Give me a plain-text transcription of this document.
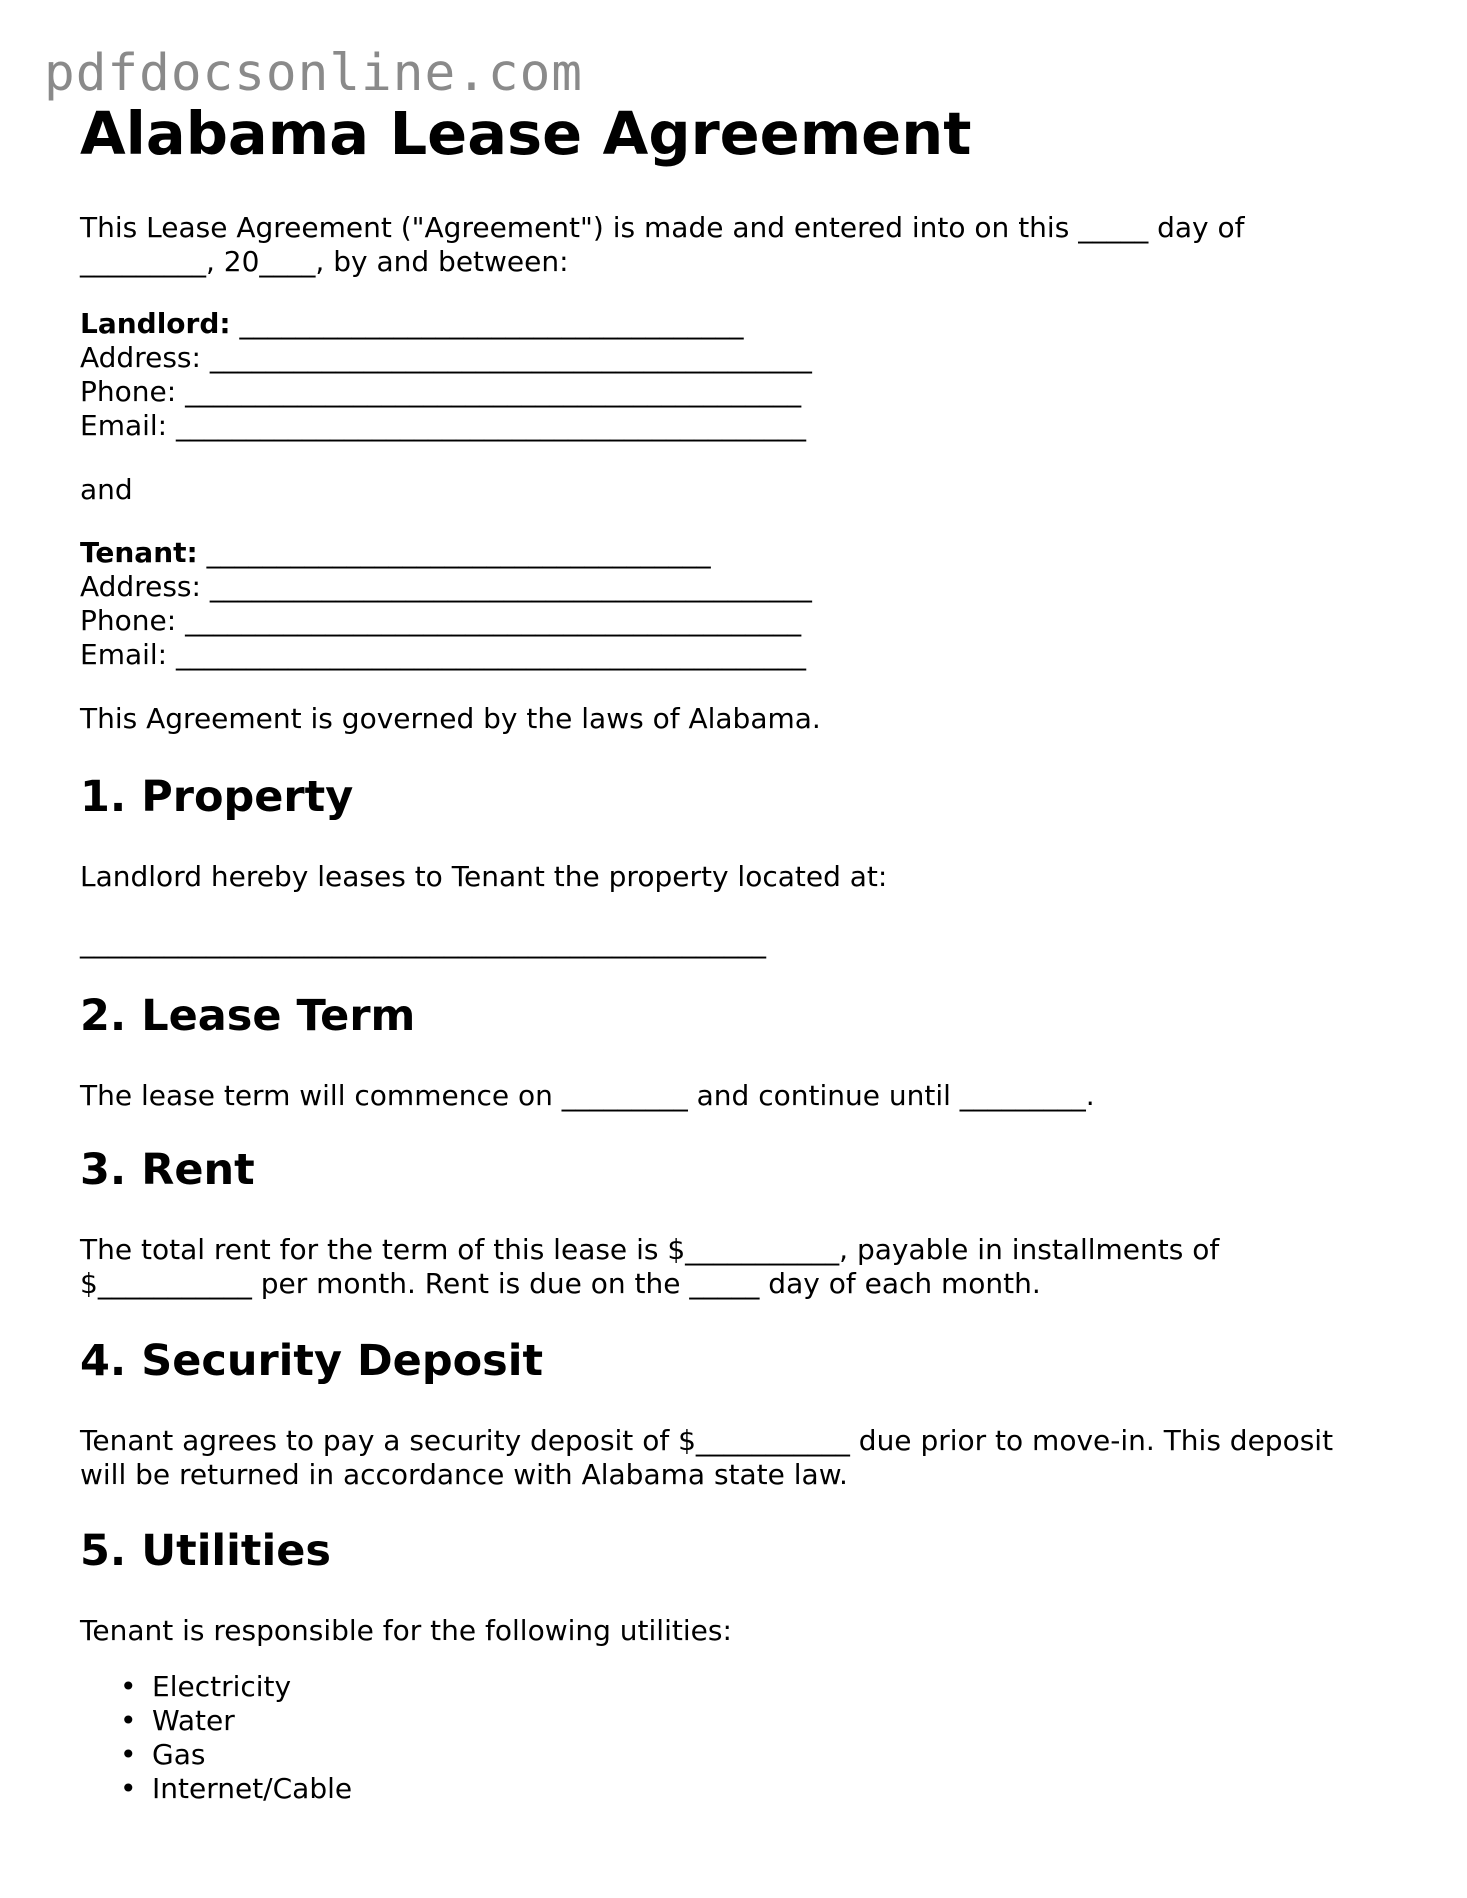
pdfdocsonline.com
Alabama Lease Agreement

This Lease Agreement ("Agreement") is made and entered into on this _____ day of

_________, 20____, by and between:

Landlord: ____________________________________

Address: ___________________________________________

Phone: ____________________________________________

Email: _____________________________________________

and

Tenant: ____________________________________

Address: ___________________________________________

Phone: ____________________________________________

Email: _____________________________________________

This Agreement is governed by the laws of Alabama.

1. Property

Landlord hereby leases to Tenant the property located at:

_________________________________________________

2. Lease Term

The lease term will commence on _________ and continue until _________.

3. Rent

The total rent for the term of this lease is $___________, payable in installments of

$___________ per month. Rent is due on the _____ day of each month.

4. Security Deposit

Tenant agrees to pay a security deposit of $___________ due prior to move-in. This deposit

will be returned in accordance with Alabama state law.

5. Utilities

Tenant is responsible for the following utilities:

• Electricity
• Water
• Gas
• Internet/Cable
